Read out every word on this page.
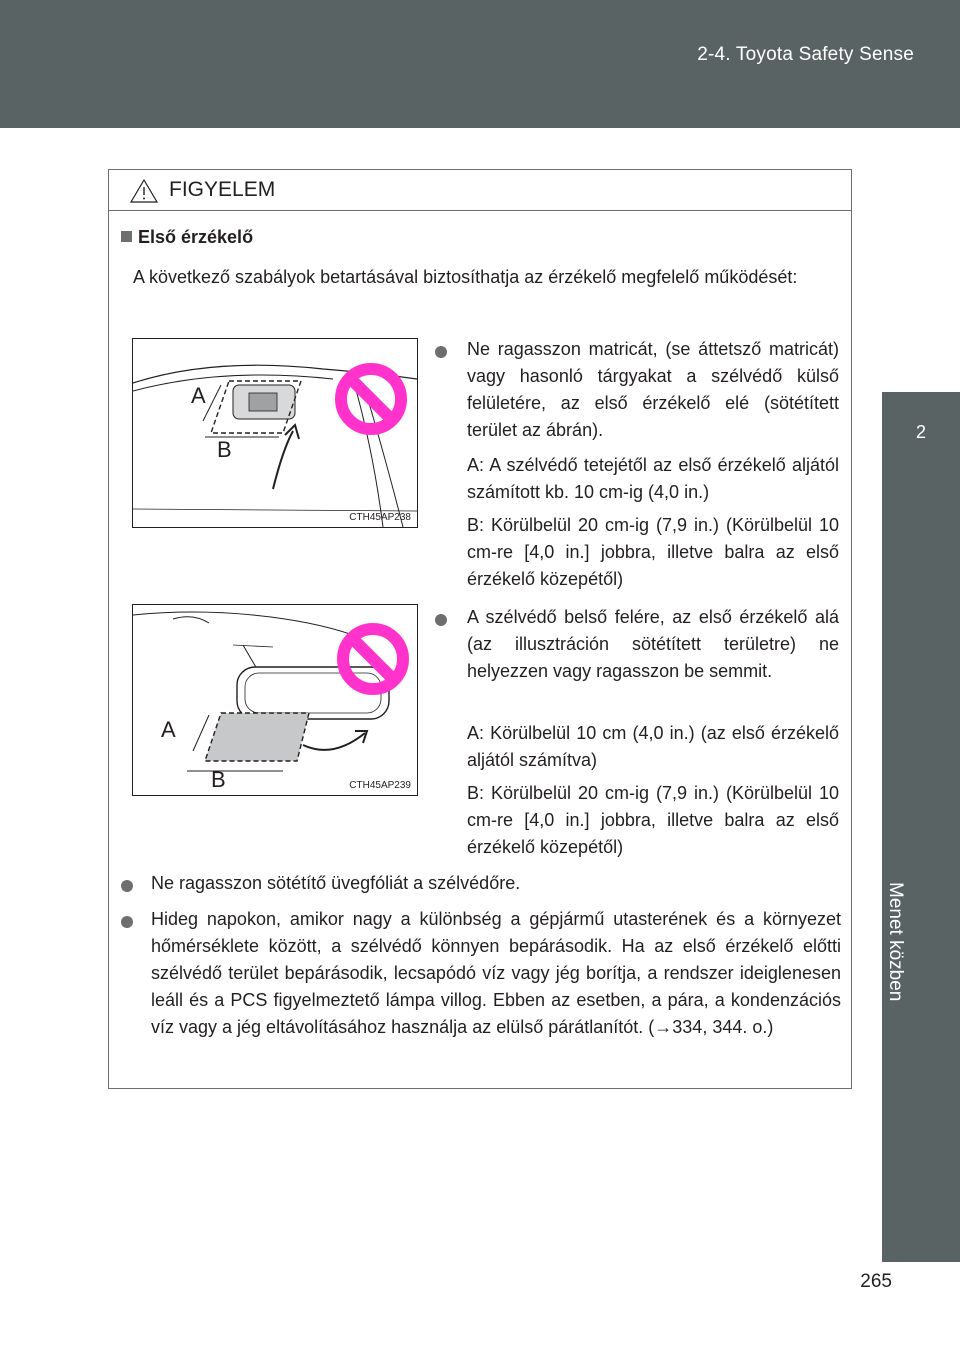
2-4. Toyota Safety Sense
2
Menet közben
FIGYELEM
Első érzékelő
A következő szabályok betartásával biztosíthatja az érzékelő megfelelő működését:
A
B
CTH45AP238
Ne ragasszon matricát, (se áttetsző matricát) vagy hasonló tárgyakat a szélvédő külső felületére, az első érzékelő elé (sötétített terület az ábrán).
A: A szélvédő tetejétől az első érzékelő aljától számított kb. 10 cm-ig (4,0 in.)
B: Körülbelül 20 cm-ig (7,9 in.) (Körülbelül 10 cm-re [4,0 in.] jobbra, illetve balra az első érzékelő közepétől)
A
B	CTH45AP239
A szélvédő belső felére, az első érzékelő alá (az illusztráción sötétített területre) ne helyezzen vagy ragasszon be semmit.
A: Körülbelül 10 cm (4,0 in.) (az első érzékelő aljától számítva)
B: Körülbelül 20 cm-ig (7,9 in.) (Körülbelül 10 cm-re [4,0 in.] jobbra, illetve balra az első érzékelő közepétől)
Ne ragasszon sötétítő üvegfóliát a szélvédőre.
Hideg napokon, amikor nagy a különbség a gépjármű utasterének és a környezet hőmérséklete között, a szélvédő könnyen bepárásodik. Ha az első érzékelő előtti szélvédő terület bepárásodik, lecsapódó víz vagy jég borítja, a rendszer ideiglenesen leáll és a PCS figyelmeztető lámpa villog. Ebben az esetben, a pára, a kondenzációs víz vagy a jég eltávolításához használja az elülső párátlanítót. (→334, 344. o.)
265
